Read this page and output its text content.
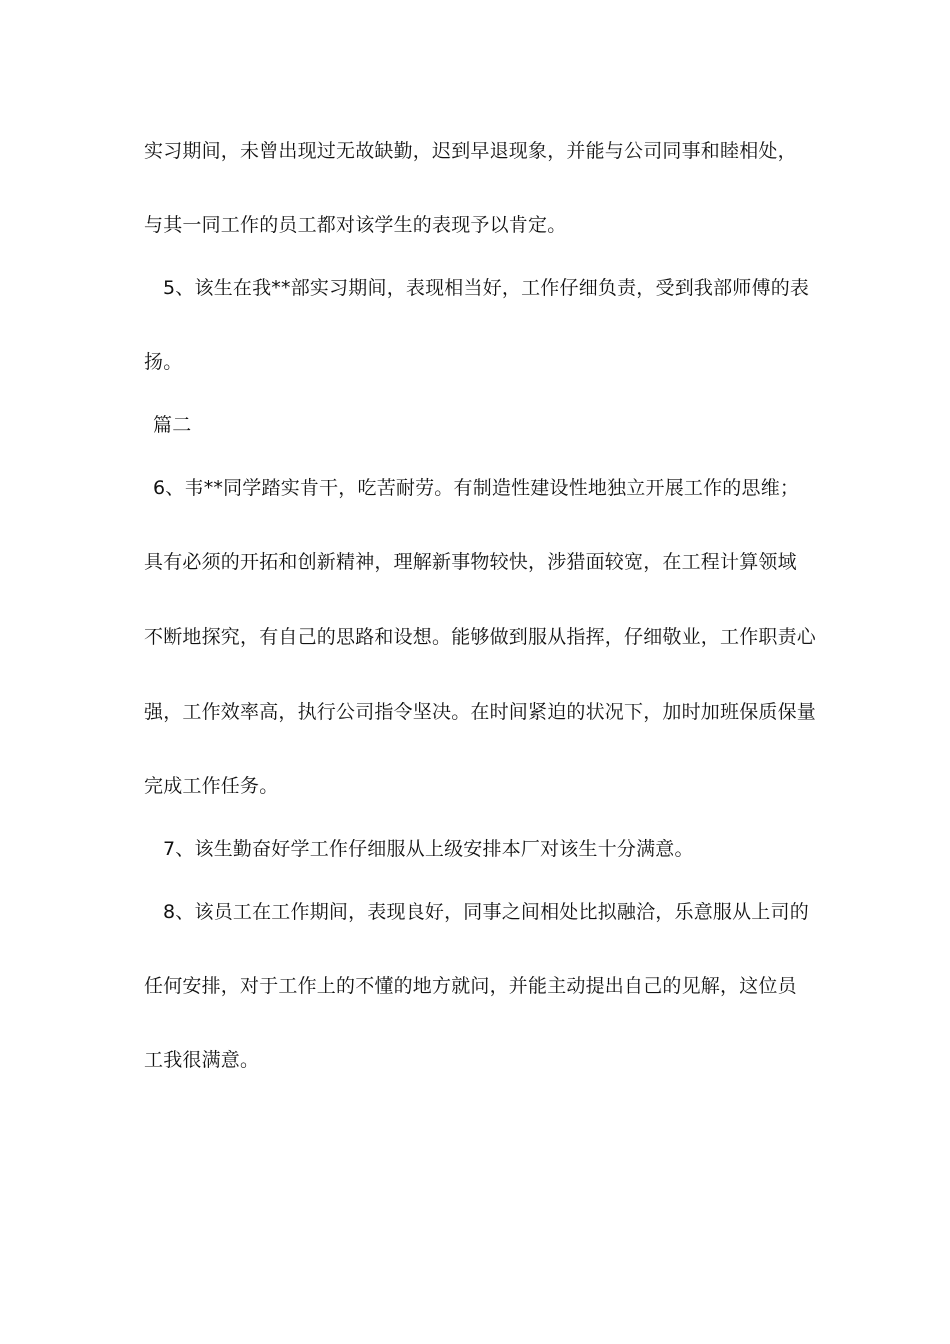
实习期间，未曾出现过无故缺勤，迟到早退现象，并能与公司同事和睦相处，
与其一同工作的员工都对该学生的表现予以肯定。
5、该生在我**部实习期间，表现相当好，工作仔细负责，受到我部师傅的表
扬。
篇二
6、韦**同学踏实肯干，吃苦耐劳。有制造性建设性地独立开展工作的思维；
具有必须的开拓和创新精神，理解新事物较快，涉猎面较宽，在工程计算领域
不断地探究，有自己的思路和设想。能够做到服从指挥，仔细敬业，工作职责心
强，工作效率高，执行公司指令坚决。在时间紧迫的状况下，加时加班保质保量
完成工作任务。
7、该生勤奋好学工作仔细服从上级安排本厂对该生十分满意。
8、该员工在工作期间，表现良好，同事之间相处比拟融洽，乐意服从上司的
任何安排，对于工作上的不懂的地方就问，并能主动提出自己的见解，这位员
工我很满意。
